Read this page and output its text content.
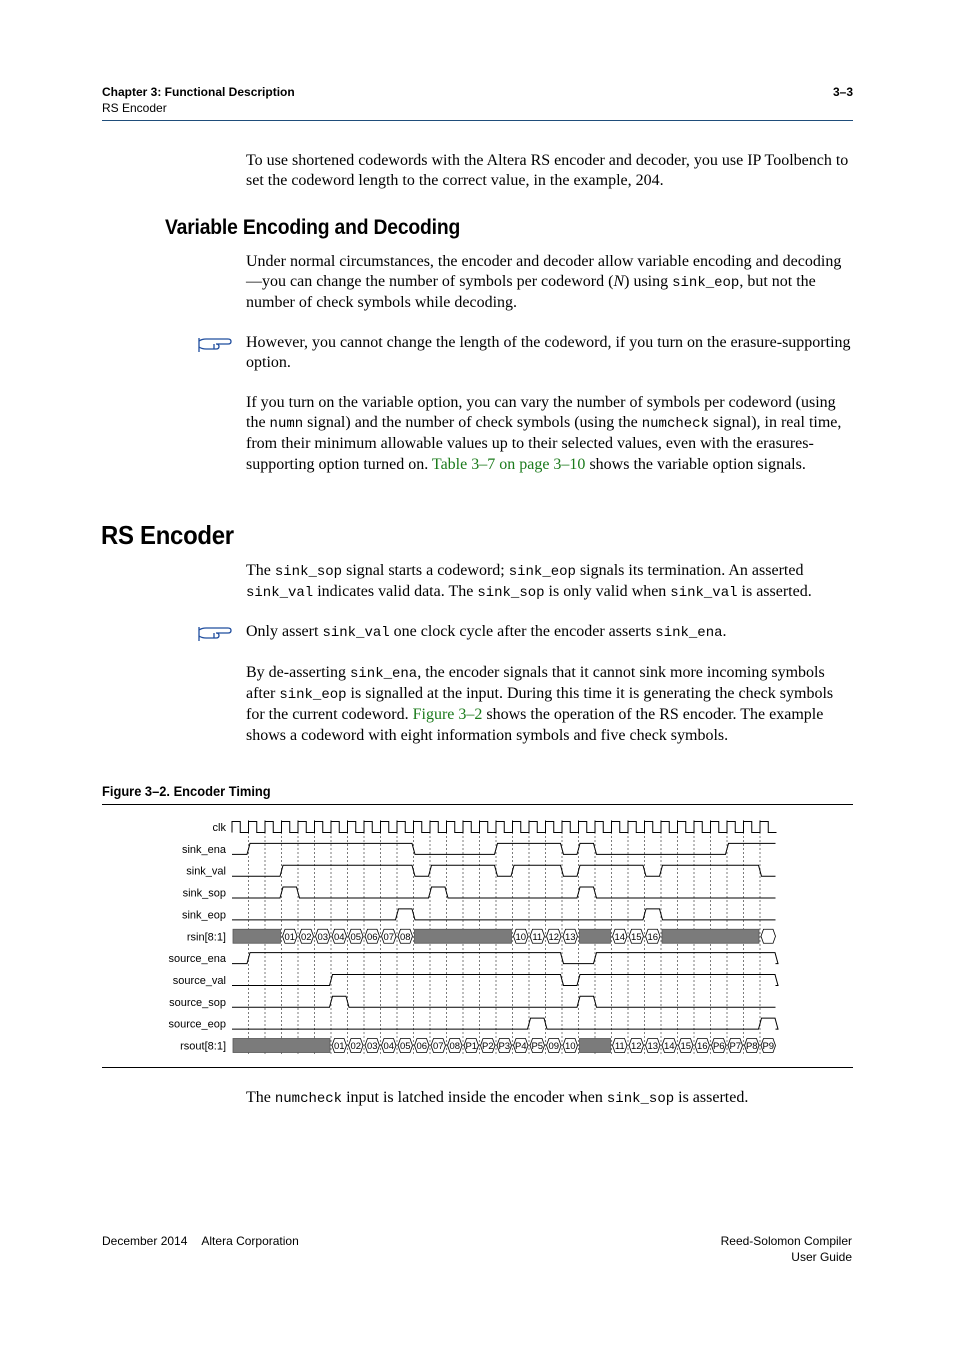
Chapter 3: Functional Description
RS Encoder
3–3
To use shortened codewords with the Altera RS encoder and decoder, you use IP Toolbench to set the codeword length to the correct value, in the example, 204.
Variable Encoding and Decoding
Under normal circumstances, the encoder and decoder allow variable encoding and decoding—you can change the number of symbols per codeword (N) using sink_eop, but not the number of check symbols while decoding.
However, you cannot change the length of the codeword, if you turn on the erasure-supporting option.
If you turn on the variable option, you can vary the number of symbols per codeword (using the numn signal) and the number of check symbols (using the numcheck signal), in real time, from their minimum allowable values up to their selected values, even with the erasures-supporting option turned on. Table 3–7 on page 3–10 shows the variable option signals.
RS Encoder
The sink_sop signal starts a codeword; sink_eop signals its termination. An asserted sink_val indicates valid data. The sink_sop is only valid when sink_val is asserted.
Only assert sink_val one clock cycle after the encoder asserts sink_ena.
By de-asserting sink_ena, the encoder signals that it cannot sink more incoming symbols after sink_eop is signalled at the input. During this time it is generating the check symbols for the current codeword. Figure 3–2 shows the operation of the RS encoder. The example shows a codeword with eight information symbols and five check symbols.
Figure 3–2. Encoder Timing
clk
sink_ena
sink_val
sink_sop
sink_eop
rsin[8:1]
source_ena
source_val
source_sop
source_eop
rsout[8:1]
01 02 03 04 05 06 07 08	10 11 12 13	14 15 16
01 02 03 04 05 06 07 08 P1 P2 P3 P4 P5 09 10	11 12 13 14 15 16 P6 P7 P8 P9
The numcheck input is latched inside the encoder when sink_sop is asserted.
December 2014 Altera Corporation	Reed-Solomon Compiler
User Guide
